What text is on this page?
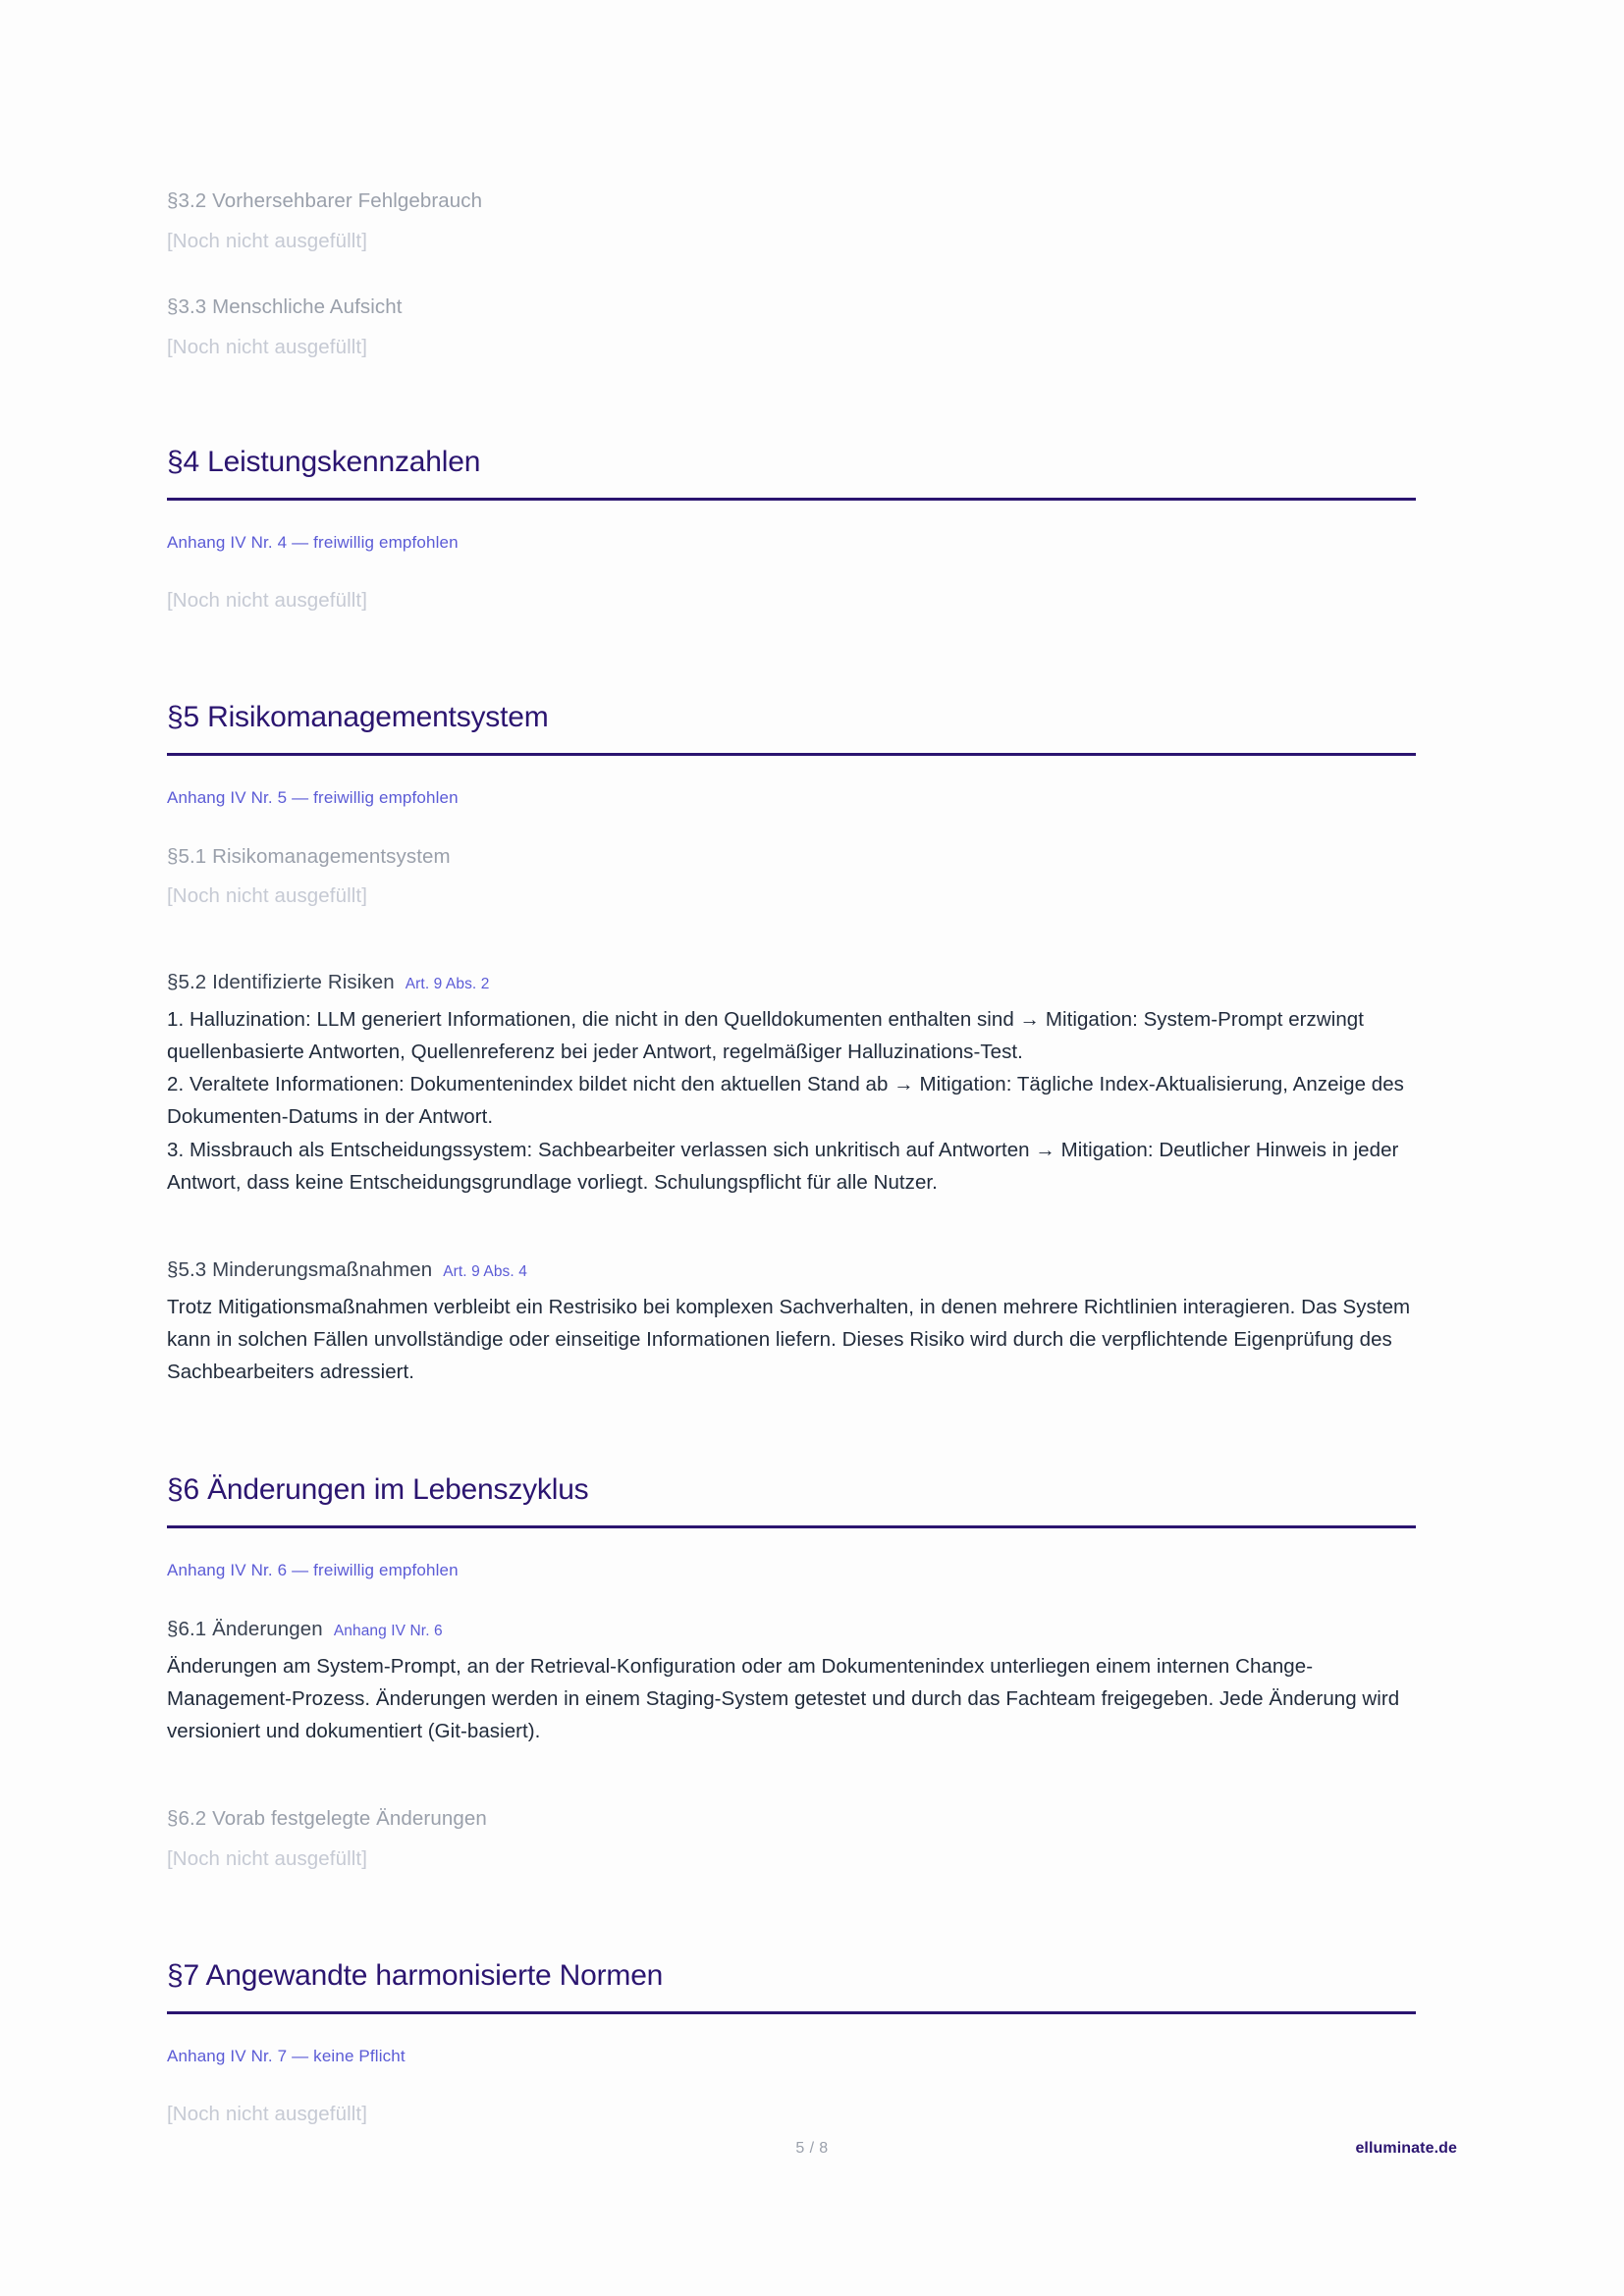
§3.2 Vorhersehbarer Fehlgebrauch
[Noch nicht ausgefüllt]
§3.3 Menschliche Aufsicht
[Noch nicht ausgefüllt]
§4 Leistungskennzahlen
Anhang IV Nr. 4 — freiwillig empfohlen
[Noch nicht ausgefüllt]
§5 Risikomanagementsystem
Anhang IV Nr. 5 — freiwillig empfohlen
§5.1 Risikomanagementsystem
[Noch nicht ausgefüllt]
§5.2 Identifizierte Risiken Art. 9 Abs. 2

1. Halluzination: LLM generiert Informationen, die nicht in den Quelldokumenten enthalten sind → Mitigation: System-Prompt erzwingt quellenbasierte Antworten, Quellenreferenz bei jeder Antwort, regelmäßiger Halluzinations-Test.

2. Veraltete Informationen: Dokumentenindex bildet nicht den aktuellen Stand ab → Mitigation: Tägliche Index-Aktualisierung, Anzeige des Dokumenten-Datums in der Antwort.

3. Missbrauch als Entscheidungssystem: Sachbearbeiter verlassen sich unkritisch auf Antworten → Mitigation: Deutlicher Hinweis in jeder Antwort, dass keine Entscheidungsgrundlage vorliegt. Schulungspflicht für alle Nutzer.

§5.3 Minderungsmaßnahmen Art. 9 Abs. 4

Trotz Mitigationsmaßnahmen verbleibt ein Restrisiko bei komplexen Sachverhalten, in denen mehrere Richtlinien interagieren. Das System kann in solchen Fällen unvollständige oder einseitige Informationen liefern. Dieses Risiko wird durch die verpflichtende Eigenprüfung des Sachbearbeiters adressiert.

§6 Änderungen im Lebenszyklus
Anhang IV Nr. 6 — freiwillig empfohlen
§6.1 Änderungen Anhang IV Nr. 6

Änderungen am System-Prompt, an der Retrieval-Konfiguration oder am Dokumentenindex unterliegen einem internen Change-Management-Prozess. Änderungen werden in einem Staging-System getestet und durch das Fachteam freigegeben. Jede Änderung wird versioniert und dokumentiert (Git-basiert).

§6.2 Vorab festgelegte Änderungen
[Noch nicht ausgefüllt]
§7 Angewandte harmonisierte Normen
Anhang IV Nr. 7 — keine Pflicht
[Noch nicht ausgefüllt]
5 / 8	elluminate.de
